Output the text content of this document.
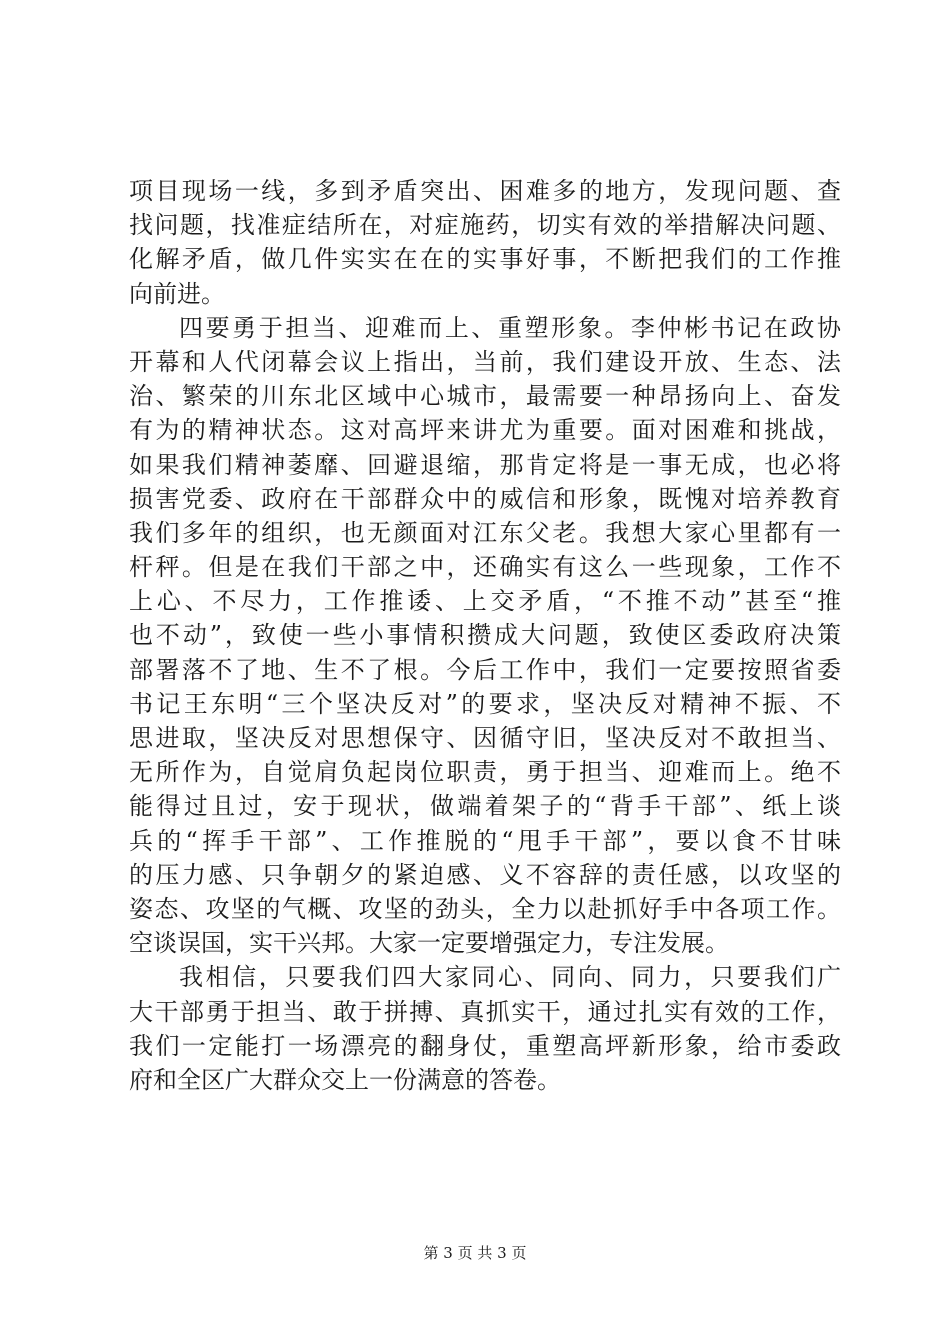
项目现场一线，多到矛盾突出、困难多的地方，发现问题、查
找问题，找准症结所在，对症施药，切实有效的举措解决问题、
化解矛盾，做几件实实在在的实事好事，不断把我们的工作推
向前进。
四要勇于担当、迎难而上、重塑形象。李仲彬书记在政协
开幕和人代闭幕会议上指出，当前，我们建设开放、生态、法
治、繁荣的川东北区域中心城市，最需要一种昂扬向上、奋发
有为的精神状态。这对高坪来讲尤为重要。面对困难和挑战，
如果我们精神萎靡、回避退缩，那肯定将是一事无成，也必将
损害党委、政府在干部群众中的威信和形象，既愧对培养教育
我们多年的组织，也无颜面对江东父老。我想大家心里都有一
杆秤。但是在我们干部之中，还确实有这么一些现象，工作不
上心、不尽力，工作推诿、上交矛盾，“不推不动”甚至“推
也不动”，致使一些小事情积攒成大问题，致使区委政府决策
部署落不了地、生不了根。今后工作中，我们一定要按照省委
书记王东明“三个坚决反对”的要求，坚决反对精神不振、不
思进取，坚决反对思想保守、因循守旧，坚决反对不敢担当、
无所作为，自觉肩负起岗位职责，勇于担当、迎难而上。绝不
能得过且过，安于现状，做端着架子的“背手干部”、纸上谈
兵的“挥手干部”、工作推脱的“甩手干部”，要以食不甘味
的压力感、只争朝夕的紧迫感、义不容辞的责任感，以攻坚的
姿态、攻坚的气概、攻坚的劲头，全力以赴抓好手中各项工作。
空谈误国，实干兴邦。大家一定要增强定力，专注发展。
我相信，只要我们四大家同心、同向、同力，只要我们广
大干部勇于担当、敢于拼搏、真抓实干，通过扎实有效的工作，
我们一定能打一场漂亮的翻身仗，重塑高坪新形象，给市委政
府和全区广大群众交上一份满意的答卷。
第 3 页 共 3 页
